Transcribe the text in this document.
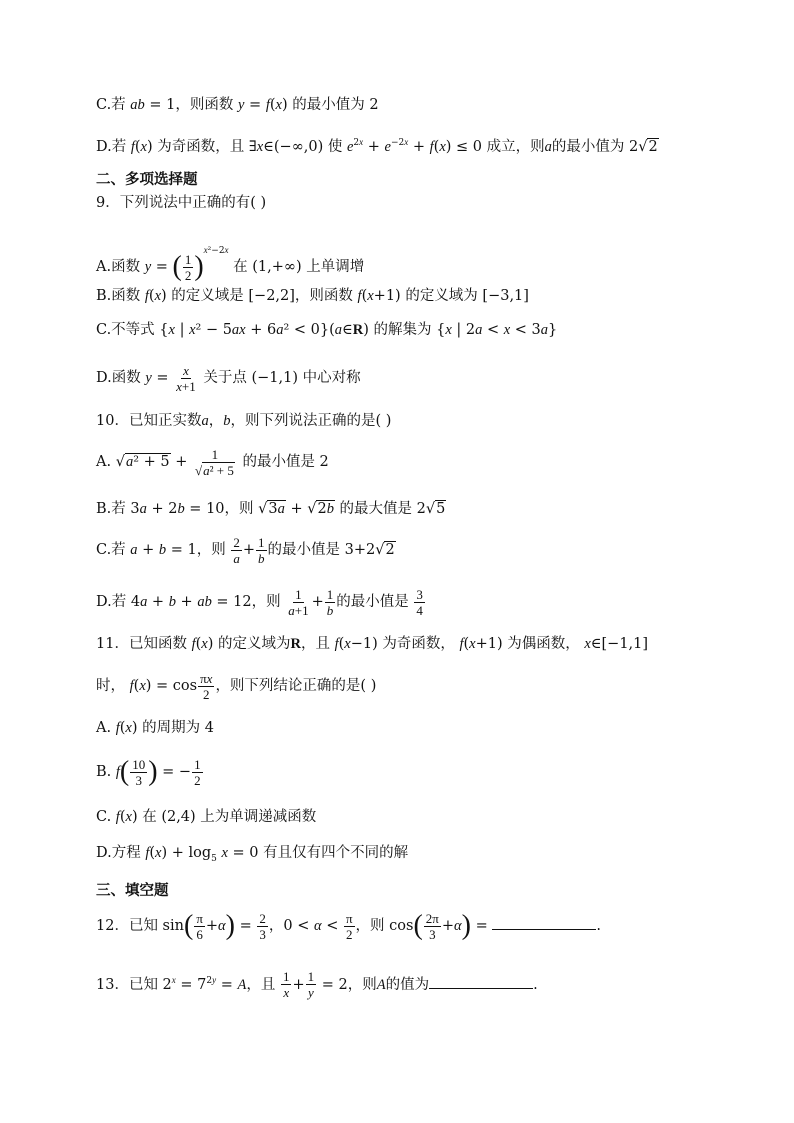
C.若 ab = 1，则函数 y = f(x) 的最小值为 2
D.若 f(x) 为奇函数，且 ∃x∈(−∞,0) 使 $e^{2x} + e^{-2x} + f(x) \le 0$ 成立，则a的最小值为 2√2
二、多项选择题
9．下列说法中正确的有( )
A.函数 y = ( $\frac{1}{2} )^{x^2-2x}$ 在 (1,+∞) 上单调增
B.函数 f(x) 的定义域是 [−2,2]，则函数 f(x+1) 的定义域为 [−3,1]
C.不等式 {x | x² − 5ax + 6a² < 0}(a∈R) 的解集为 {x | 2a < x < 3a}
D.函数 $y = \frac{x}{x+1}$ 关于点 (−1,1) 中心对称
10．已知正实数a，b，则下列说法正确的是( )
A. $√a^2 + 5 + \frac{1}{\text{√a² + 5}}$ 的最小值是 2
B.若 3a + 2b = 10，则 √3a + √2b 的最大值是 2√5
C.若 a + b = 1，则 $\frac{2}{a} + \frac{1}{b}$ 的最小值是 3+2√2
D.若 4a + b + ab = 12，则 $\frac{1}{a+1} + \frac{1}{b}$ 的最小值是 $\frac{3}{4}$
11．已知函数 f(x) 的定义域为R，且 f(x−1) 为奇函数， f(x+1) 为偶函数， x∈[−1,1]
时， $f(x) = \cos \frac{\pi x}{2}$ ，则下列结论正确的是( )
A. f(x) 的周期为 4
B. $f( \frac{10}{3}$ ) = − $\frac{1}{2}$
C. f(x) 在 (2,4) 上为单调递减函数
D.方程 $f(x) + \log_5 x = 0$ 有且仅有四个不同的解
三、填空题
12．已知 $\sin( \frac{\pi}{6} +\alpha) = \frac{2}{3}$ ，$0 < \alpha < \frac{\pi}{2}$ ，则 $\cos( \frac{2\pi}{3} +\alpha)$ =	.
13．已知 $2^x = 7^{2y} = A$，且 $\frac{1}{x} + \frac{1}{y} = 2$，则A的值为	.
